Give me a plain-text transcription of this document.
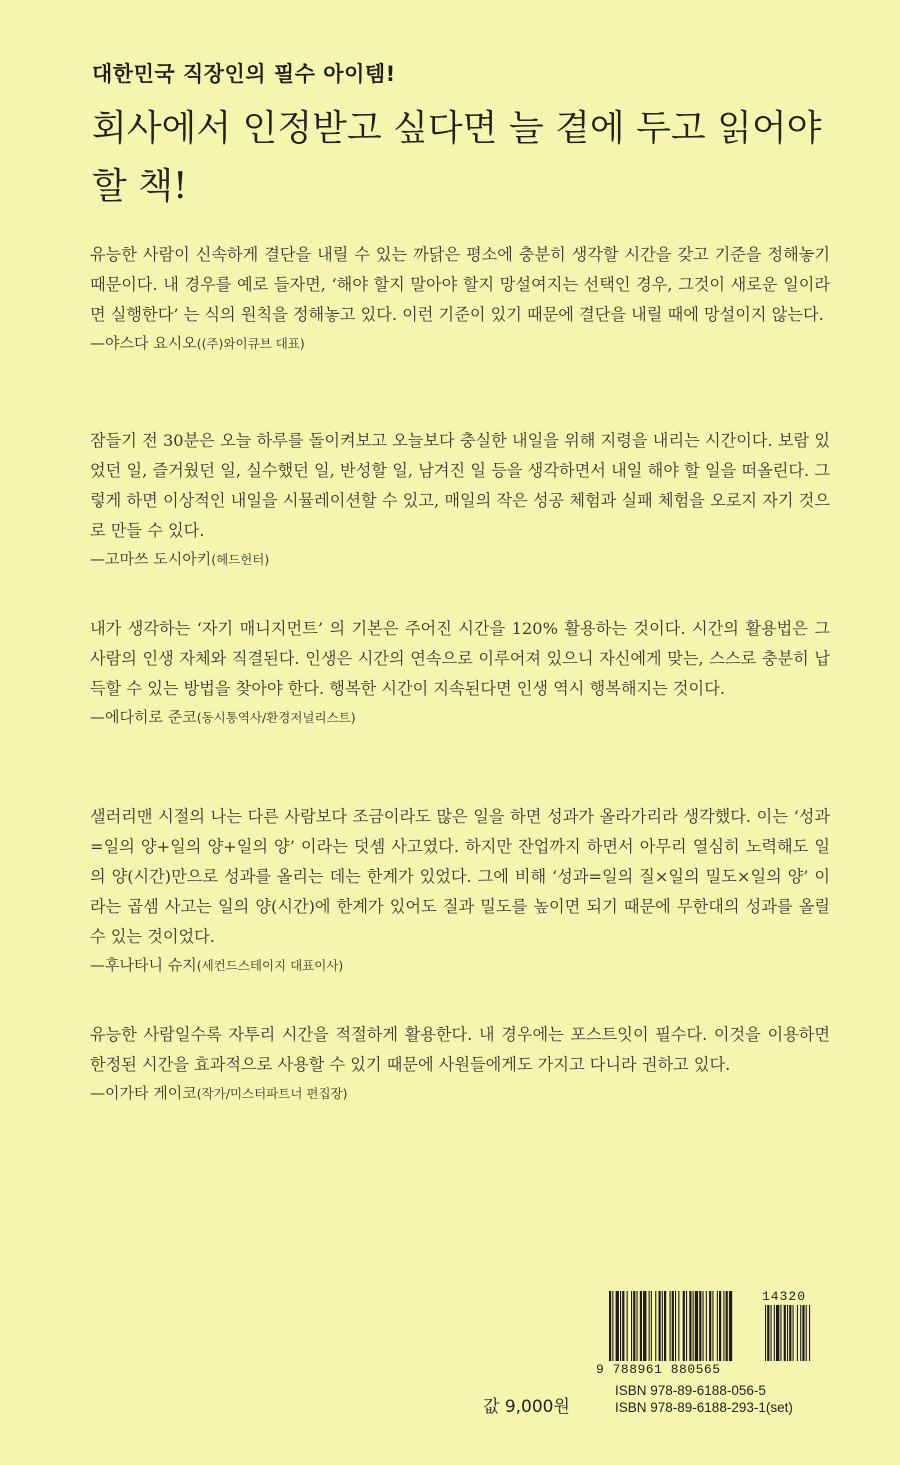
대한민국 직장인의 필수 아이템!
회사에서 인정받고 싶다면 늘 곁에 두고 읽어야 할 책!
유능한 사람이 신속하게 결단을 내릴 수 있는 까닭은 평소에 충분히 생각할 시간을 갖고 기준을 정해놓기 때문이다. 내 경우를 예로 들자면, ‘해야 할지 말아야 할지 망설여지는 선택인 경우, 그것이 새로운 일이라면 실행한다’ 는 식의 원칙을 정해놓고 있다. 이런 기준이 있기 때문에 결단을 내릴 때에 망설이지 않는다.
—야스다 요시오((주)와이큐브 대표)
잠들기 전 30분은 오늘 하루를 돌이켜보고 오늘보다 충실한 내일을 위해 지령을 내리는 시간이다. 보람 있었던 일, 즐거웠던 일, 실수했던 일, 반성할 일, 남겨진 일 등을 생각하면서 내일 해야 할 일을 떠올린다. 그렇게 하면 이상적인 내일을 시뮬레이션할 수 있고, 매일의 작은 성공 체험과 실패 체험을 오로지 자기 것으로 만들 수 있다.
—고마쓰 도시아키(헤드헌터)
내가 생각하는 ‘자기 매니지먼트’ 의 기본은 주어진 시간을 120% 활용하는 것이다. 시간의 활용법은 그 사람의 인생 자체와 직결된다. 인생은 시간의 연속으로 이루어져 있으니 자신에게 맞는, 스스로 충분히 납득할 수 있는 방법을 찾아야 한다. 행복한 시간이 지속된다면 인생 역시 행복해지는 것이다.
—에다히로 준코(동시통역사/환경저널리스트)
샐러리맨 시절의 나는 다른 사람보다 조금이라도 많은 일을 하면 성과가 올라가리라 생각했다. 이는 ‘성과=일의 양+일의 양+일의 양’ 이라는 덧셈 사고였다. 하지만 잔업까지 하면서 아무리 열심히 노력해도 일의 양(시간)만으로 성과를 올리는 데는 한계가 있었다. 그에 비해 ‘성과=일의 질×일의 밀도×일의 양’ 이라는 곱셈 사고는 일의 양(시간)에 한계가 있어도 질과 밀도를 높이면 되기 때문에 무한대의 성과를 올릴 수 있는 것이었다.
—후나타니 슈지(세컨드스테이지 대표이사)
유능한 사람일수록 자투리 시간을 적절하게 활용한다. 내 경우에는 포스트잇이 필수다. 이것을 이용하면 한정된 시간을 효과적으로 사용할 수 있기 때문에 사원들에게도 가지고 다니라 권하고 있다.
—이가타 게이코(작가/미스터파트너 편집장)
14320
9 788961 880565
값 9,000원
ISBN 978-89-6188-056-5
ISBN 978-89-6188-293-1(set)
